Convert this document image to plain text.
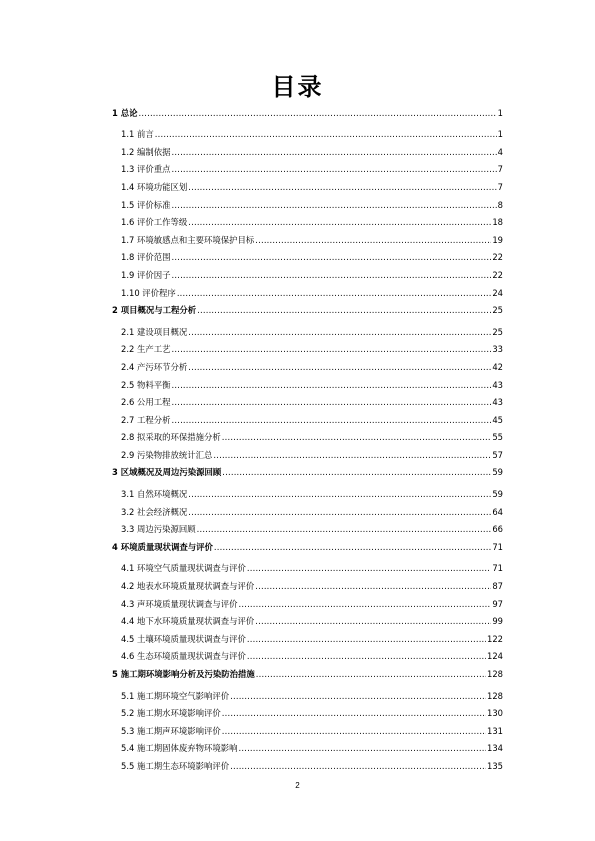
目录
1 总论 .....	1
1.1 前言 .....	1
1.2 编制依据 .....	4
1.3 评价重点 .....	7
1.4 环境功能区划 .....	7
1.5 评价标准 .....	8
1.6 评价工作等级 .....	18
1.7 环境敏感点和主要环境保护目标 .....	19
1.8 评价范围 .....	22
1.9 评价因子 .....	22
1.10 评价程序 .....	24
2 项目概况与工程分析 .....	25
2.1 建设项目概况 .....	25
2.2 生产工艺 .....	33
2.4 产污环节分析 .....	42
2.5 物料平衡 .....	43
2.6 公用工程 .....	43
2.7 工程分析 .....	45
2.8 拟采取的环保措施分析 .....	55
2.9 污染物排放统计汇总 .....	57
3 区域概况及周边污染源回顾 .....	59
3.1 自然环境概况 .....	59
3.2 社会经济概况 .....	64
3.3 周边污染源回顾 .....	66
4 环境质量现状调查与评价 .....	71
4.1 环境空气质量现状调查与评价 .....	71
4.2 地表水环境质量现状调查与评价 .....	87
4.3 声环境质量现状调查与评价 .....	97
4.4 地下水环境质量现状调查与评价 .....	99
4.5 土壤环境质量现状调查与评价 .....	122
4.6 生态环境质量现状调查与评价 .....	124
5 施工期环境影响分析及污染防治措施 .....	128
5.1 施工期环境空气影响评价 .....	128
5.2 施工期水环境影响评价 .....	130
5.3 施工期声环境影响评价 .....	131
5.4 施工期固体废弃物环境影响 .....	134
5.5 施工期生态环境影响评价 .....	135
2
